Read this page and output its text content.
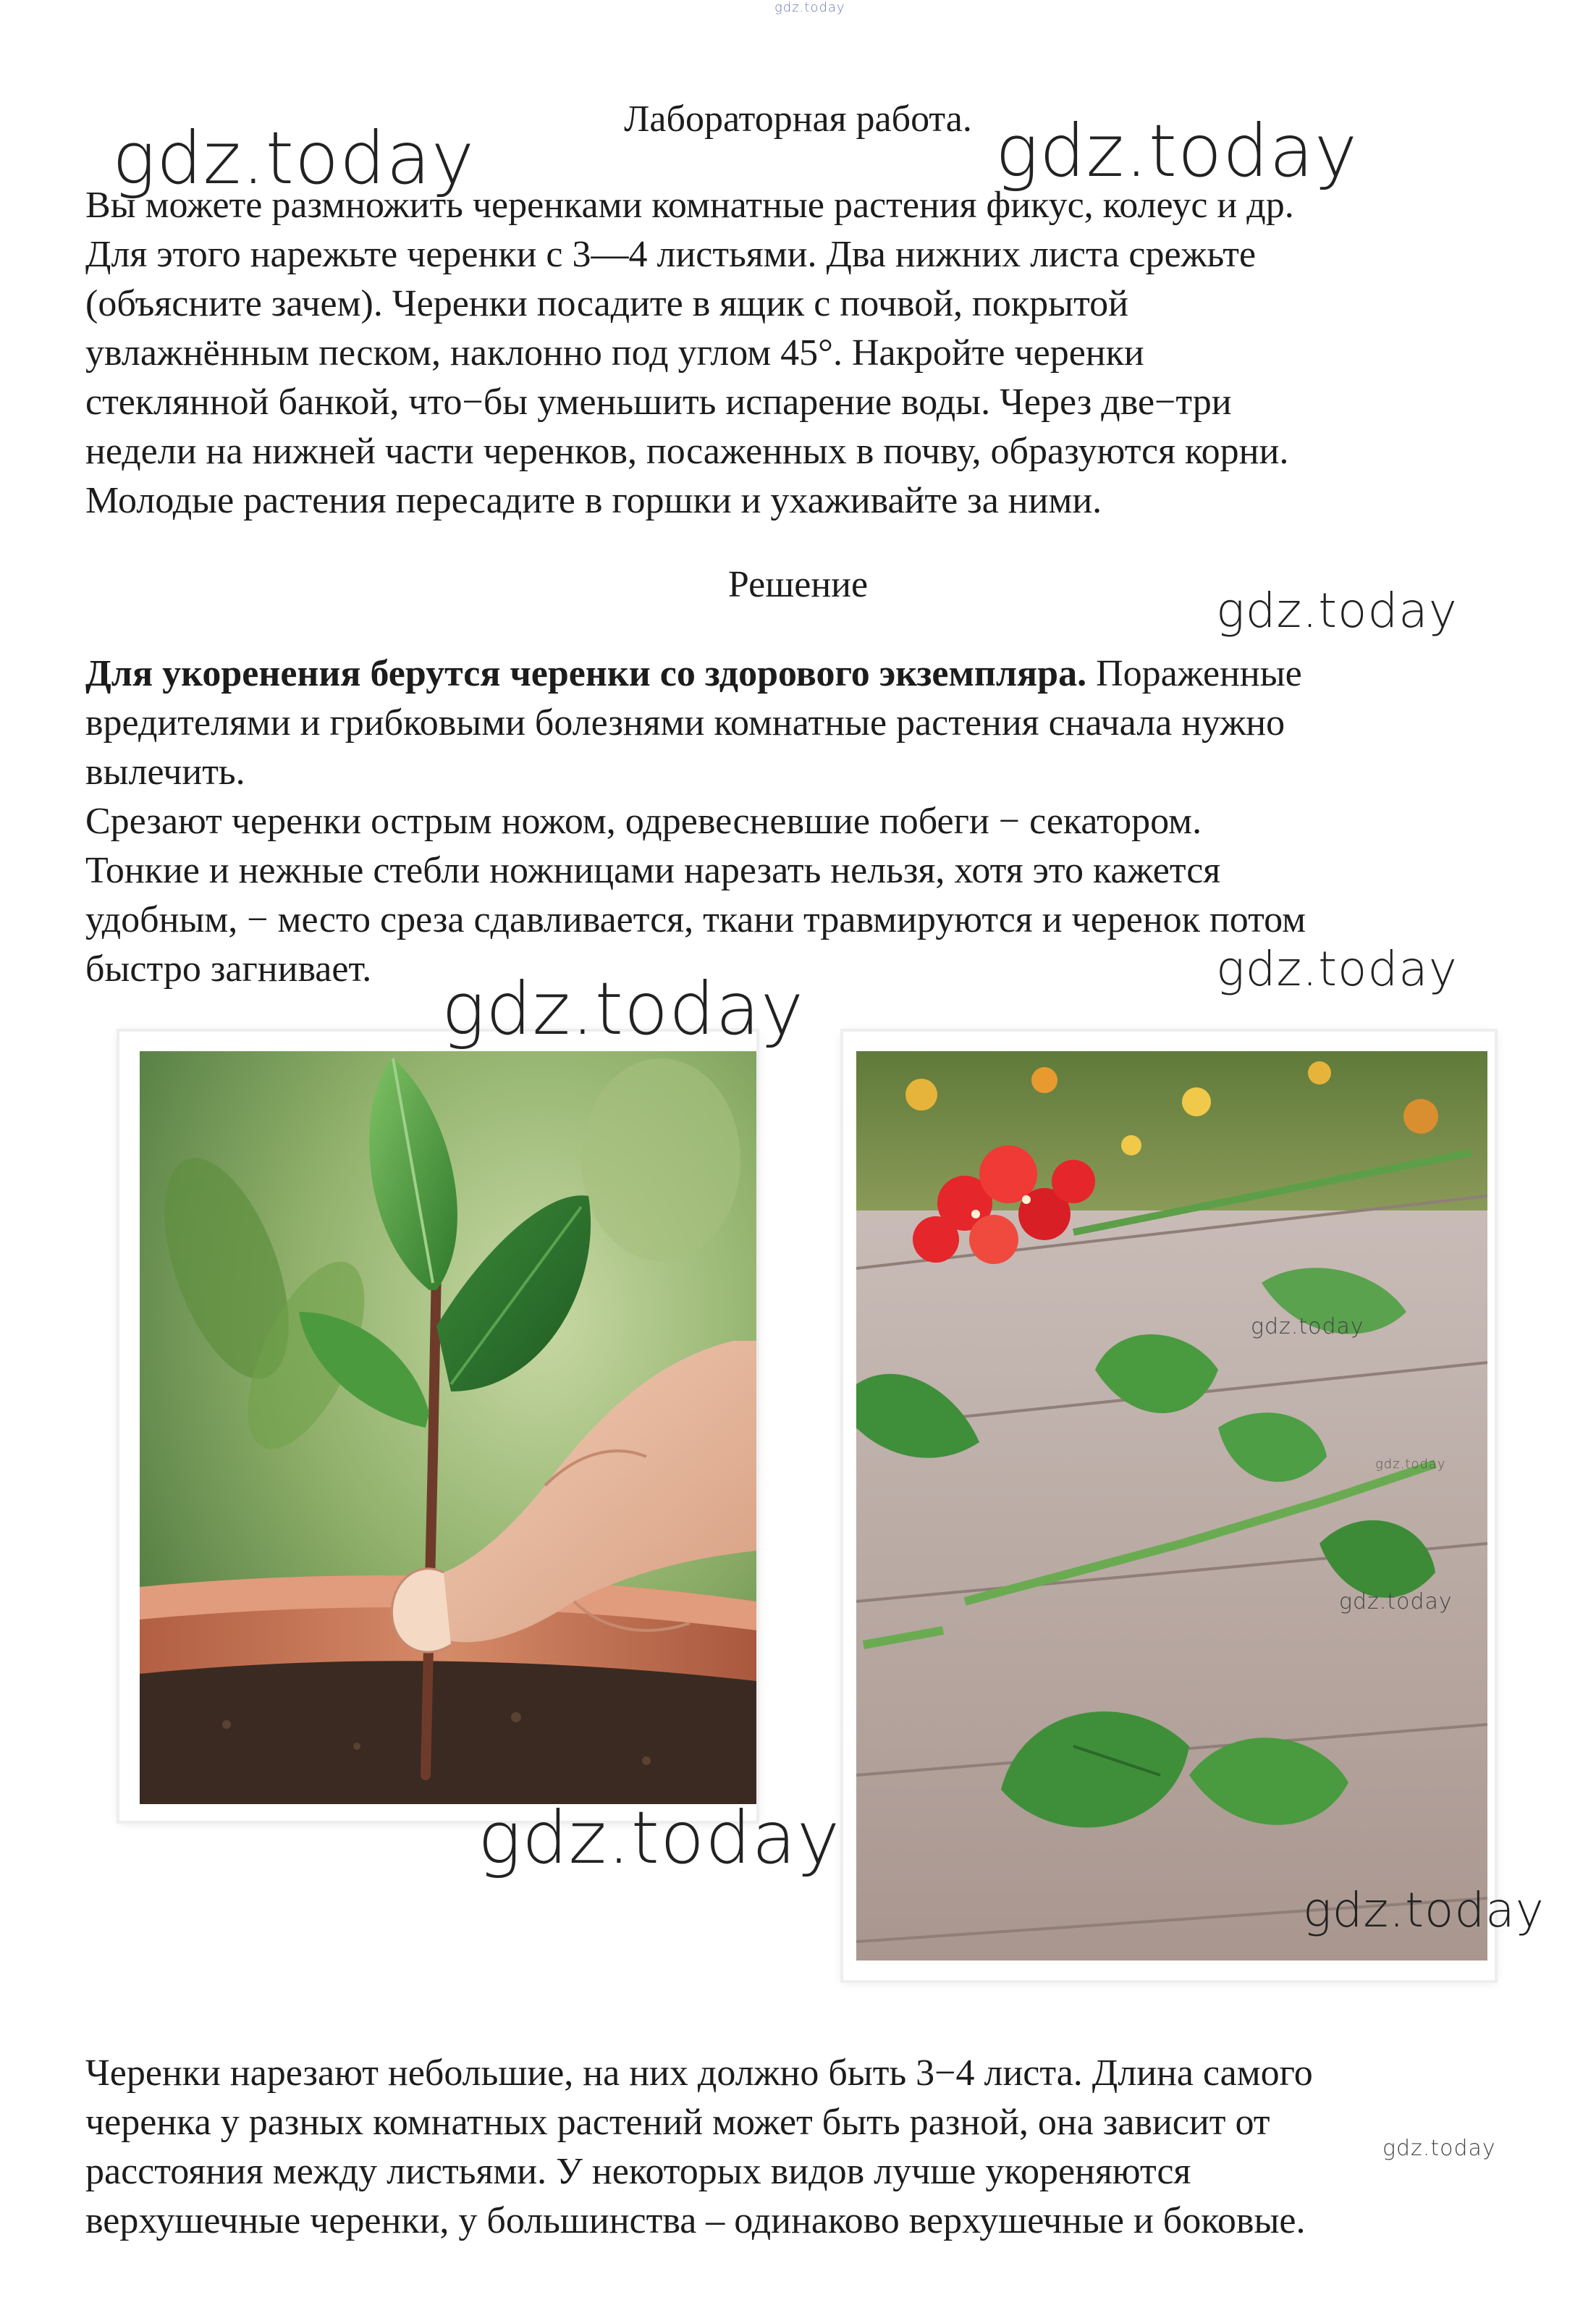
gdz.today
Лабораторная работа.
Вы можете размножить черенками комнатные растения фикус, колеус и др.
Для этого нарежьте черенки с 3—4 листьями. Два нижних листа срежьте
(объясните зачем). Черенки посадите в ящик с почвой, покрытой
увлажнённым песком, наклонно под углом 45°. Накройте черенки
стеклянной банкой, что−бы уменьшить испарение воды. Через две−три
недели на нижней части черенков, посаженных в почву, образуются корни.
Молодые растения пересадите в горшки и ухаживайте за ними.
Решение
Для укоренения берутся черенки со здорового экземпляра. Пораженные
вредителями и грибковыми болезнями комнатные растения сначала нужно
вылечить.
Срезают черенки острым ножом, одревесневшие побеги − секатором.
Тонкие и нежные стебли ножницами нарезать нельзя, хотя это кажется
удобным, − место среза сдавливается, ткани травмируются и черенок потом
быстро загнивает.
Черенки нарезают небольшие, на них должно быть 3−4 листа. Длина самого
черенка у разных комнатных растений может быть разной, она зависит от
расстояния между листьями. У некоторых видов лучше укореняются
верхушечные черенки, у большинства – одинаково верхушечные и боковые.
gdz.today	gdz.today
gdz.today
gdz.today
gdz.today
gdz.today
gdz.today
gdz.today
gdz.today
gdz.today
gdz.today
